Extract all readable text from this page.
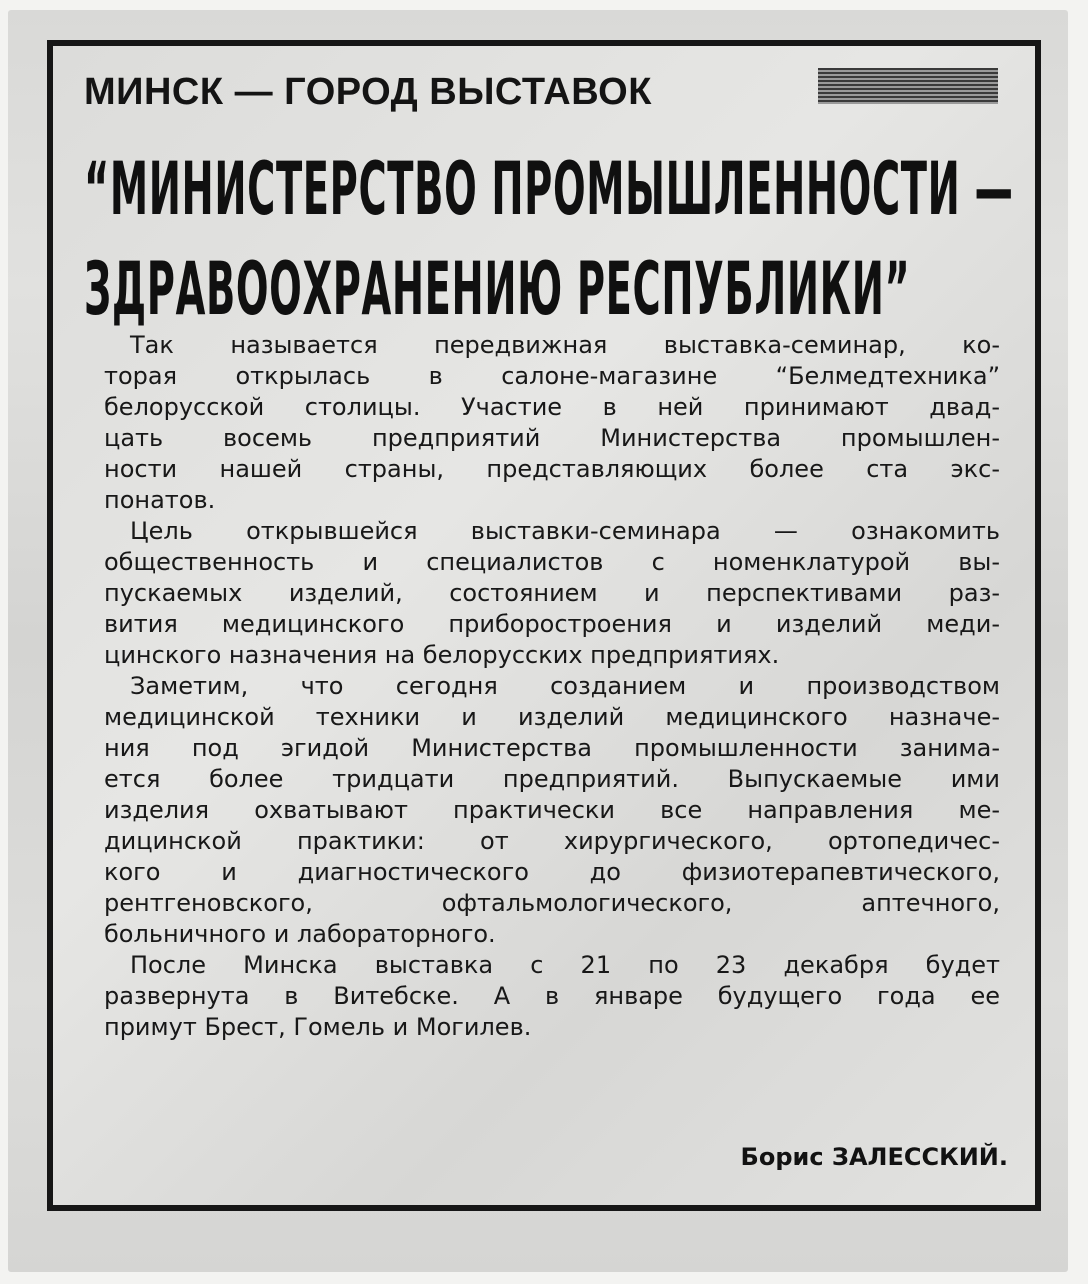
МИНСК — ГОРОД ВЫСТАВОК
“МИНИСТЕРСТВО ПРОМЫШЛЕННОСТИ —
ЗДРАВООХРАНЕНИЮ РЕСПУБЛИКИ”
Так называется передвижная выставка-семинар, ко-
торая открылась в салоне-магазине “Белмедтехника”
белорусской столицы. Участие в ней принимают двад-
цать восемь предприятий Министерства промышлен-
ности нашей страны, представляющих более ста экс-
понатов.
Цель открывшейся выставки-семинара — ознакомить
общественность и специалистов с номенклатурой вы-
пускаемых изделий, состоянием и перспективами раз-
вития медицинского приборостроения и изделий меди-
цинского назначения на белорусских предприятиях.
Заметим, что сегодня созданием и производством
медицинской техники и изделий медицинского назначе-
ния под эгидой Министерства промышленности занима-
ется более тридцати предприятий. Выпускаемые ими
изделия охватывают практически все направления ме-
дицинской практики: от хирургического, ортопедичес-
кого и диагностического до физиотерапевтического,
рентгеновского, офтальмологического, аптечного,
больничного и лабораторного.
После Минска выставка с 21 по 23 декабря будет
развернута в Витебске. А в январе будущего года ее
примут Брест, Гомель и Могилев.
Борис ЗАЛЕССКИЙ.
